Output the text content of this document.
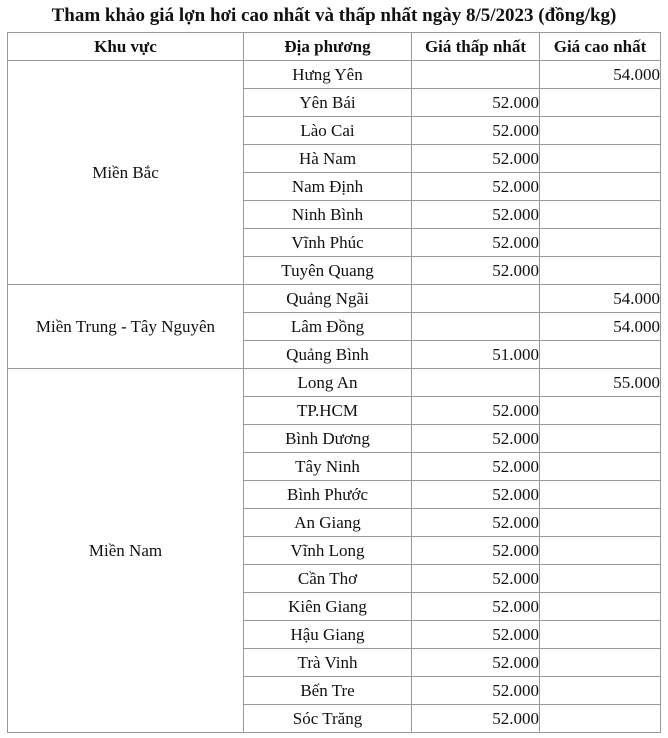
Tham khảo giá lợn hơi cao nhất và thấp nhất ngày 8/5/2023 (đồng/kg)
Khu vực	Địa phương	Giá thấp nhất	Giá cao nhất
Miền Bắc	Hưng Yên		54.000
	Yên Bái	52.000	
	Lào Cai	52.000	
	Hà Nam	52.000	
	Nam Định	52.000	
	Ninh Bình	52.000	
	Vĩnh Phúc	52.000	
	Tuyên Quang	52.000	
Miền Trung - Tây Nguyên	Quảng Ngãi		54.000
	Lâm Đồng		54.000
	Quảng Bình	51.000	
Miền Nam	Long An		55.000
	TP.HCM	52.000	
	Bình Dương	52.000	
	Tây Ninh	52.000	
	Bình Phước	52.000	
	An Giang	52.000	
	Vĩnh Long	52.000	
	Cần Thơ	52.000	
	Kiên Giang	52.000	
	Hậu Giang	52.000	
	Trà Vinh	52.000	
	Bến Tre	52.000	
	Sóc Trăng	52.000	
